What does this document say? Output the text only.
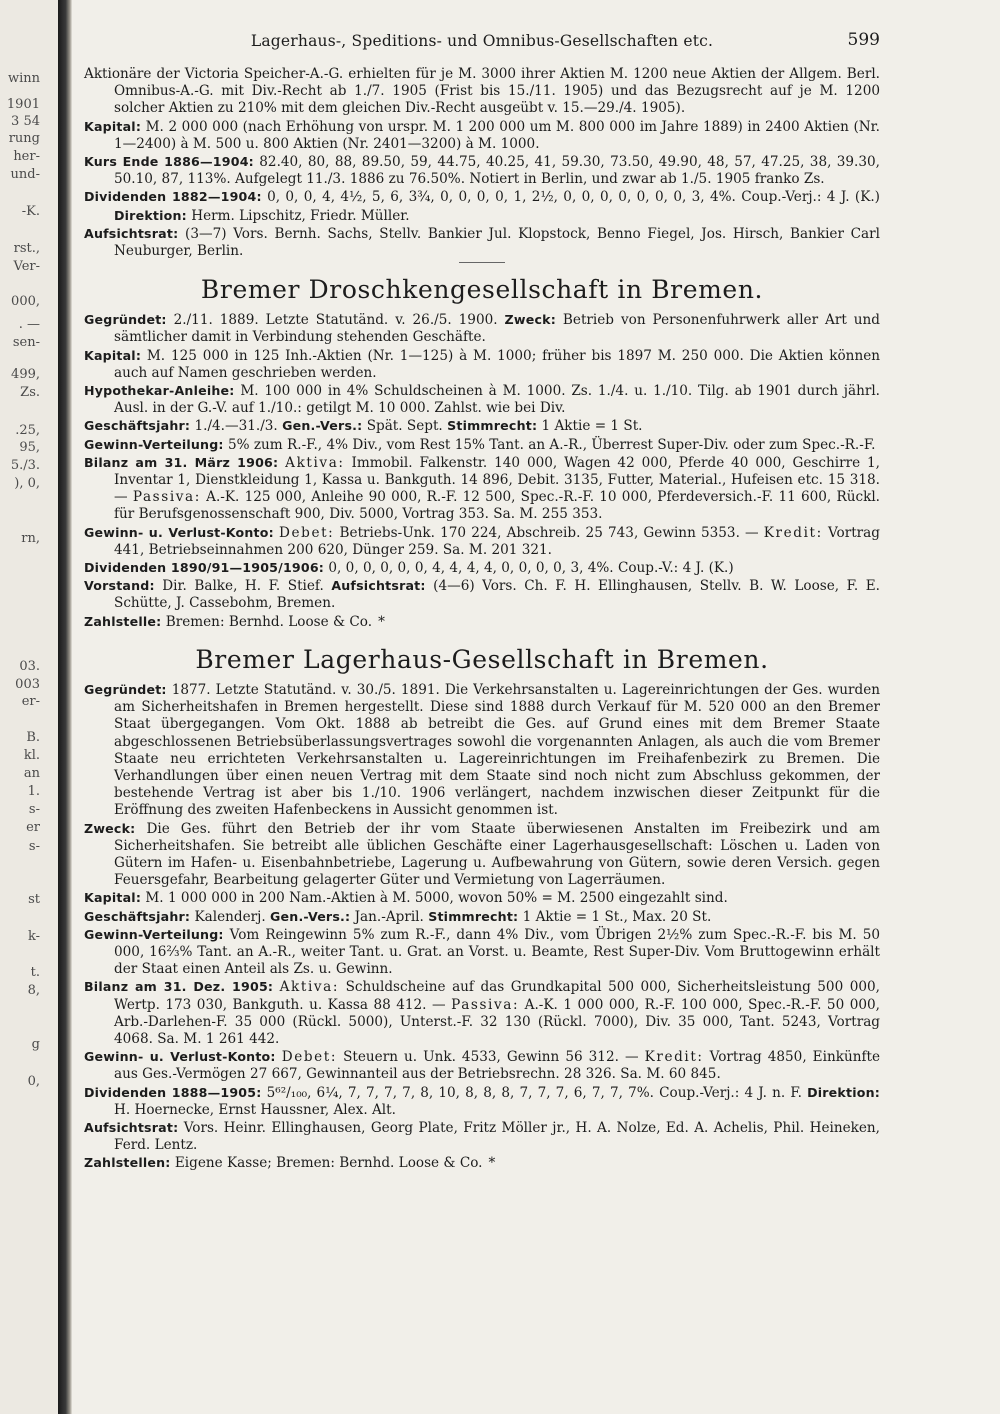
winn
1901
3 54
rung
her-
und-
-K.
rst.,
Ver-
000,
. —
sen-
499,
Zs.
.25,
95,
5./3.
), 0,
rn,
03.
003
er-
B.
kl.
an
1.
s-
er
s-
st
k-
t.
8,
g
0,
Lagerhaus-, Speditions- und Omnibus-Gesellschaften etc.	599

Aktionäre der Victoria Speicher-A.-G. erhielten für je M. 3000 ihrer Aktien M. 1200 neue Aktien der Allgem. Berl. Omnibus-A.-G. mit Div.-Recht ab 1./7. 1905 (Frist bis 15./11. 1905) und das Bezugsrecht auf je M. 1200 solcher Aktien zu 210% mit dem gleichen Div.-Recht ausgeübt v. 15.—29./4. 1905).

Kapital: M. 2 000 000 (nach Erhöhung von urspr. M. 1 200 000 um M. 800 000 im Jahre 1889) in 2400 Aktien (Nr. 1—2400) à M. 500 u. 800 Aktien (Nr. 2401—3200) à M. 1000.

Kurs Ende 1886—1904: 82.40, 80, 88, 89.50, 59, 44.75, 40.25, 41, 59.30, 73.50, 49.90, 48, 57, 47.25, 38, 39.30, 50.10, 87, 113%. Aufgelegt 11./3. 1886 zu 76.50%. Notiert in Berlin, und zwar ab 1./5. 1905 franko Zs.

Dividenden 1882—1904: 0, 0, 0, 4, 4½, 5, 6, 3¾, 0, 0, 0, 0, 1, 2½, 0, 0, 0, 0, 0, 0, 0, 3, 4%. Coup.-Verj.: 4 J. (K.) Direktion: Herm. Lipschitz, Friedr. Müller.

Aufsichtsrat: (3—7) Vors. Bernh. Sachs, Stellv. Bankier Jul. Klopstock, Benno Fiegel, Jos. Hirsch, Bankier Carl Neuburger, Berlin.

Bremer Droschkengesellschaft in Bremen.

Gegründet: 2./11. 1889. Letzte Statutänd. v. 26./5. 1900. Zweck: Betrieb von Personenfuhrwerk aller Art und sämtlicher damit in Verbindung stehenden Geschäfte.

Kapital: M. 125 000 in 125 Inh.-Aktien (Nr. 1—125) à M. 1000; früher bis 1897 M. 250 000. Die Aktien können auch auf Namen geschrieben werden.

Hypothekar-Anleihe: M. 100 000 in 4% Schuldscheinen à M. 1000. Zs. 1./4. u. 1./10. Tilg. ab 1901 durch jährl. Ausl. in der G.-V. auf 1./10.: getilgt M. 10 000. Zahlst. wie bei Div.

Geschäftsjahr: 1./4.—31./3. Gen.-Vers.: Spät. Sept. Stimmrecht: 1 Aktie = 1 St.

Gewinn-Verteilung: 5% zum R.-F., 4% Div., vom Rest 15% Tant. an A.-R., Überrest Super-Div. oder zum Spec.-R.-F.

Bilanz am 31. März 1906: Aktiva: Immobil. Falkenstr. 140 000, Wagen 42 000, Pferde 40 000, Geschirre 1, Inventar 1, Dienstkleidung 1, Kassa u. Bankguth. 14 896, Debit. 3135, Futter, Material., Hufeisen etc. 15 318. — Passiva: A.-K. 125 000, Anleihe 90 000, R.-F. 12 500, Spec.-R.-F. 10 000, Pferdeversich.-F. 11 600, Rückl. für Berufsgenossenschaft 900, Div. 5000, Vortrag 353. Sa. M. 255 353.

Gewinn- u. Verlust-Konto: Debet: Betriebs-Unk. 170 224, Abschreib. 25 743, Gewinn 5353. — Kredit: Vortrag 441, Betriebseinnahmen 200 620, Dünger 259. Sa. M. 201 321.

Dividenden 1890/91—1905/1906: 0, 0, 0, 0, 0, 0, 4, 4, 4, 4, 0, 0, 0, 0, 3, 4%. Coup.-V.: 4 J. (K.)

Vorstand: Dir. Balke, H. F. Stief. Aufsichtsrat: (4—6) Vors. Ch. F. H. Ellinghausen, Stellv. B. W. Loose, F. E. Schütte, J. Cassebohm, Bremen.

Zahlstelle: Bremen: Bernhd. Loose & Co. *

Bremer Lagerhaus-Gesellschaft in Bremen.

Gegründet: 1877. Letzte Statutänd. v. 30./5. 1891. Die Verkehrsanstalten u. Lagereinrichtungen der Ges. wurden am Sicherheitshafen in Bremen hergestellt. Diese sind 1888 durch Verkauf für M. 520 000 an den Bremer Staat übergegangen. Vom Okt. 1888 ab betreibt die Ges. auf Grund eines mit dem Bremer Staate abgeschlossenen Betriebsüberlassungsvertrages sowohl die vorgenannten Anlagen, als auch die vom Bremer Staate neu errichteten Verkehrsanstalten u. Lagereinrichtungen im Freihafenbezirk zu Bremen. Die Verhandlungen über einen neuen Vertrag mit dem Staate sind noch nicht zum Abschluss gekommen, der bestehende Vertrag ist aber bis 1./10. 1906 verlängert, nachdem inzwischen dieser Zeitpunkt für die Eröffnung des zweiten Hafenbeckens in Aussicht genommen ist.

Zweck: Die Ges. führt den Betrieb der ihr vom Staate überwiesenen Anstalten im Freibezirk und am Sicherheitshafen. Sie betreibt alle üblichen Geschäfte einer Lagerhausgesellschaft: Löschen u. Laden von Gütern im Hafen- u. Eisenbahnbetriebe, Lagerung u. Aufbewahrung von Gütern, sowie deren Versich. gegen Feuersgefahr, Bearbeitung gelagerter Güter und Vermietung von Lagerräumen.

Kapital: M. 1 000 000 in 200 Nam.-Aktien à M. 5000, wovon 50% = M. 2500 eingezahlt sind.

Geschäftsjahr: Kalenderj. Gen.-Vers.: Jan.-April. Stimmrecht: 1 Aktie = 1 St., Max. 20 St.

Gewinn-Verteilung: Vom Reingewinn 5% zum R.-F., dann 4% Div., vom Übrigen 2½% zum Spec.-R.-F. bis M. 50 000, 16⅔% Tant. an A.-R., weiter Tant. u. Grat. an Vorst. u. Beamte, Rest Super-Div. Vom Bruttogewinn erhält der Staat einen Anteil als Zs. u. Gewinn.

Bilanz am 31. Dez. 1905: Aktiva: Schuldscheine auf das Grundkapital 500 000, Sicherheitsleistung 500 000, Wertp. 173 030, Bankguth. u. Kassa 88 412. — Passiva: A.-K. 1 000 000, R.-F. 100 000, Spec.-R.-F. 50 000, Arb.-Darlehen-F. 35 000 (Rückl. 5000), Unterst.-F. 32 130 (Rückl. 7000), Div. 35 000, Tant. 5243, Vortrag 4068. Sa. M. 1 261 442.

Gewinn- u. Verlust-Konto: Debet: Steuern u. Unk. 4533, Gewinn 56 312. — Kredit: Vortrag 4850, Einkünfte aus Ges.-Vermögen 27 667, Gewinnanteil aus der Betriebsrechn. 28 326. Sa. M. 60 845.

Dividenden 1888—1905: 5⁶²/₁₀₀, 6¼, 7, 7, 7, 7, 8, 10, 8, 8, 8, 7, 7, 7, 6, 7, 7, 7%. Coup.-Verj.: 4 J. n. F. Direktion: H. Hoernecke, Ernst Haussner, Alex. Alt.

Aufsichtsrat: Vors. Heinr. Ellinghausen, Georg Plate, Fritz Möller jr., H. A. Nolze, Ed. A. Achelis, Phil. Heineken, Ferd. Lentz.

Zahlstellen: Eigene Kasse; Bremen: Bernhd. Loose & Co. *
